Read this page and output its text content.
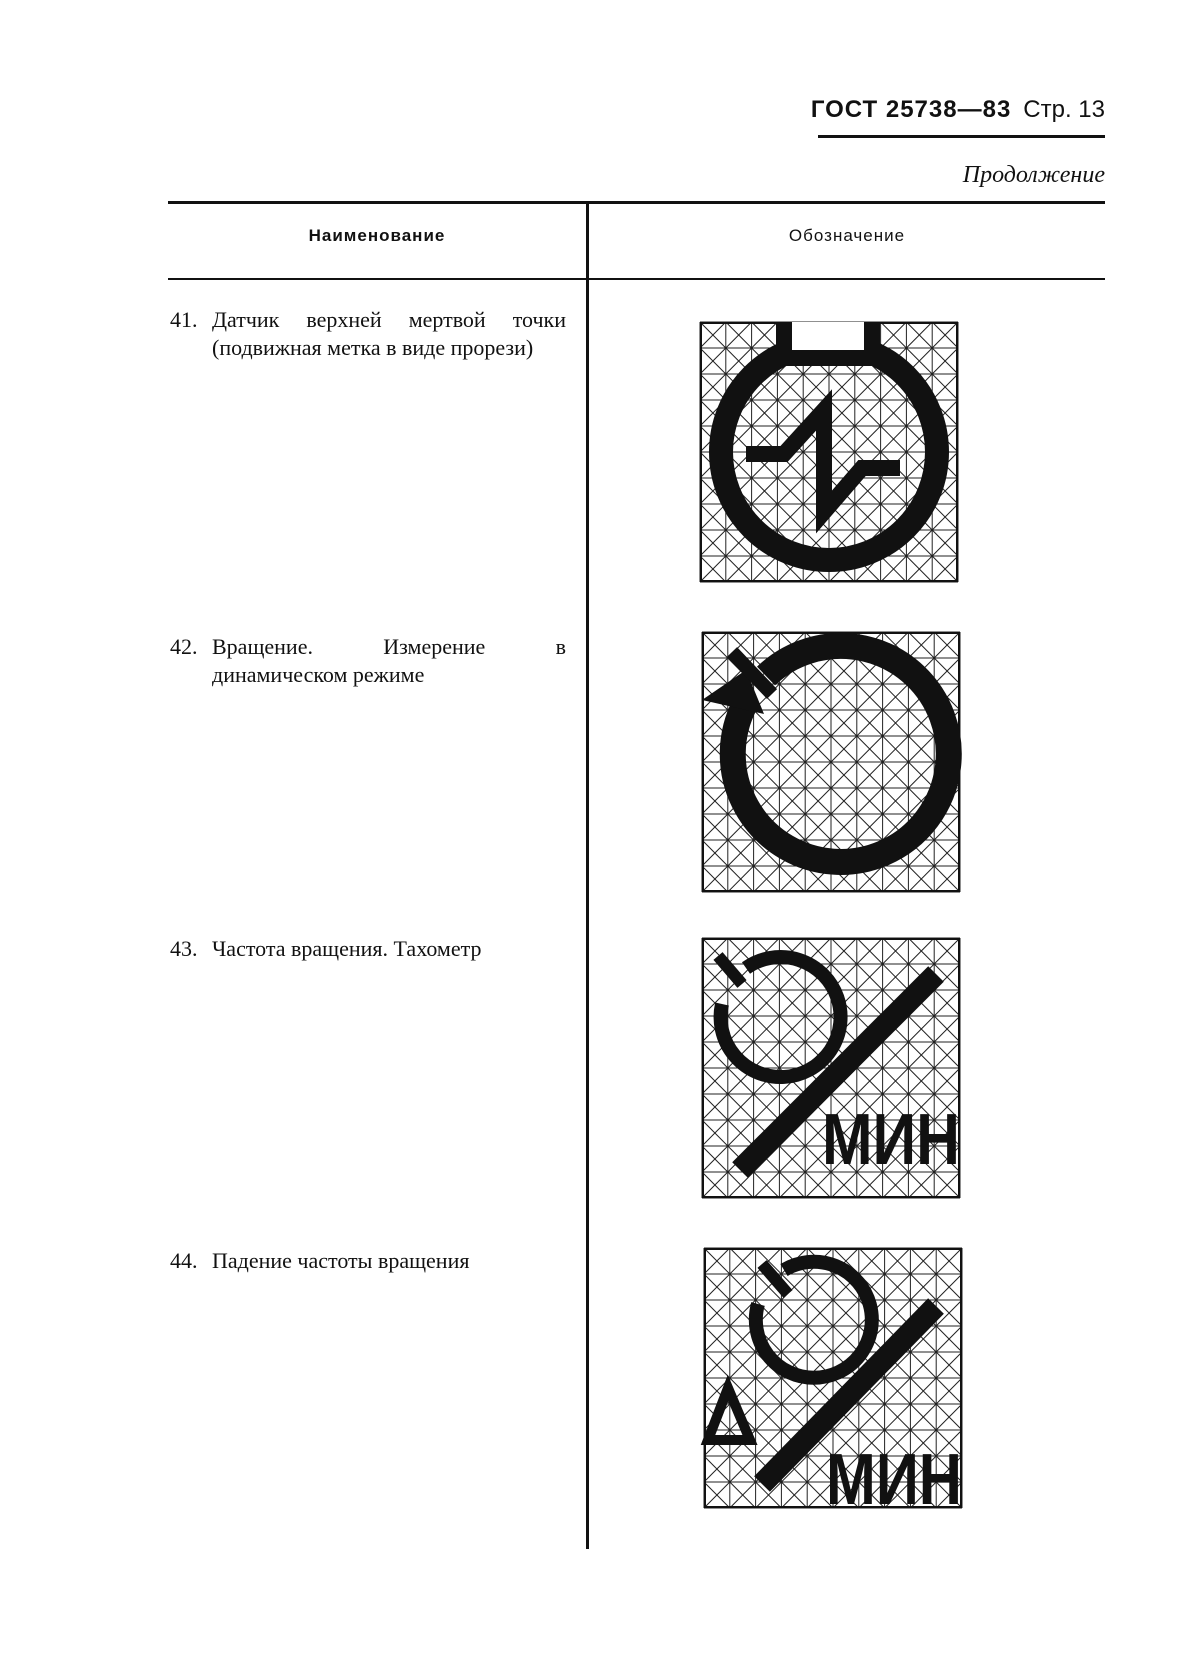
ГОСТ 25738—83 Стр. 13
Продолжение
Наименование	Обозначение
41. Датчик верхней мертвой точки (подвижная метка в виде прорези)
42. Вращение. Измерение в динамическом режиме
43. Частота вращения. Тахометр
44. Падение частоты вращения
МИН
МИН
